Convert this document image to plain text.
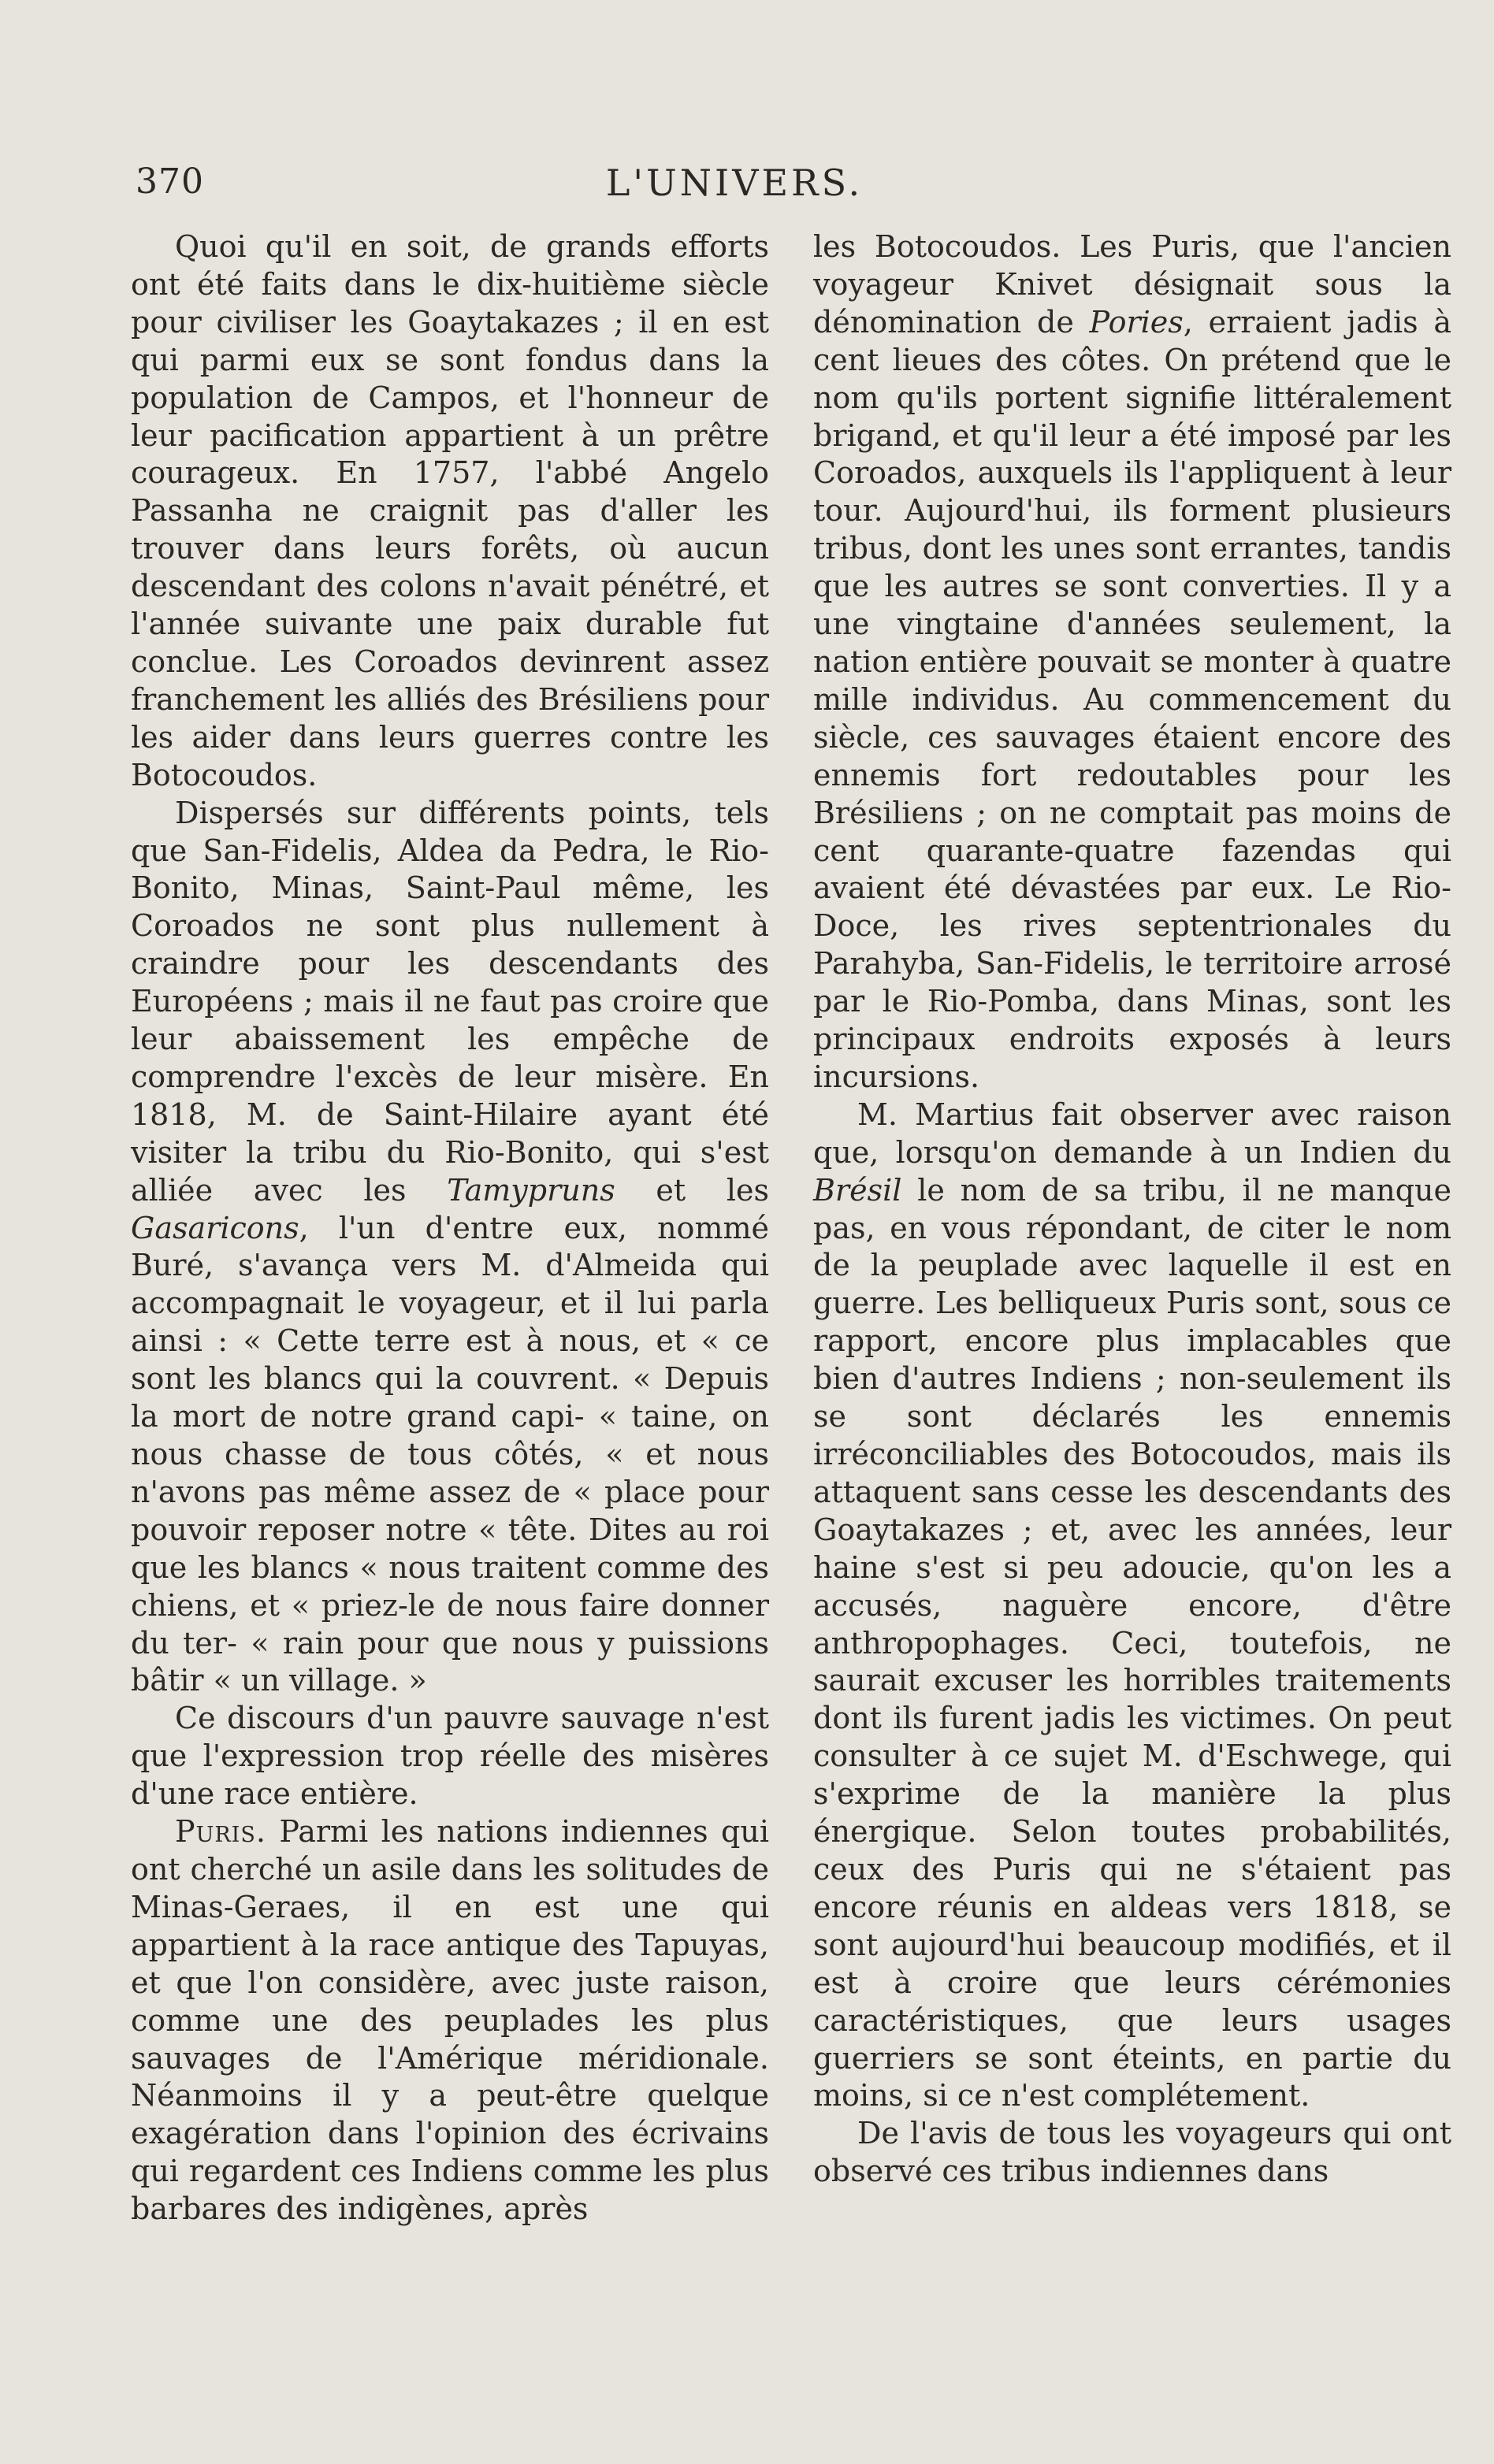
370	L'UNIVERS.

Quoi qu'il en soit, de grands efforts ont été faits dans le dix-huitième siècle pour civiliser les Goaytakazes ; il en est qui parmi eux se sont fondus dans la population de Campos, et l'honneur de leur pacification appartient à un prêtre courageux. En 1757, l'abbé Angelo Passanha ne craignit pas d'aller les trouver dans leurs forêts, où aucun descendant des colons n'avait pénétré, et l'année suivante une paix durable fut conclue. Les Coroados devinrent assez franchement les alliés des Brésiliens pour les aider dans leurs guerres contre les Botocoudos.

Dispersés sur différents points, tels que San-Fidelis, Aldea da Pedra, le Rio-Bonito, Minas, Saint-Paul même, les Coroados ne sont plus nullement à craindre pour les descendants des Européens ; mais il ne faut pas croire que leur abaissement les empêche de comprendre l'excès de leur misère. En 1818, M. de Saint-Hilaire ayant été visiter la tribu du Rio-Bonito, qui s'est alliée avec les Tamypruns et les Gasaricons, l'un d'entre eux, nommé Buré, s'avança vers M. d'Almeida qui accompagnait le voyageur, et il lui parla ainsi : « Cette terre est à nous, et « ce sont les blancs qui la couvrent. « Depuis la mort de notre grand capi- « taine, on nous chasse de tous côtés, « et nous n'avons pas même assez de « place pour pouvoir reposer notre « tête. Dites au roi que les blancs « nous traitent comme des chiens, et « priez-le de nous faire donner du ter- « rain pour que nous y puissions bâtir « un village. »

Ce discours d'un pauvre sauvage n'est que l'expression trop réelle des misères d'une race entière.

Puris. Parmi les nations indiennes qui ont cherché un asile dans les solitudes de Minas-Geraes, il en est une qui appartient à la race antique des Tapuyas, et que l'on considère, avec juste raison, comme une des peuplades les plus sauvages de l'Amérique méridionale. Néanmoins il y a peut-être quelque exagération dans l'opinion des écrivains qui regardent ces Indiens comme les plus barbares des indigènes, après

les Botocoudos. Les Puris, que l'ancien voyageur Knivet désignait sous la dénomination de Pories, erraient jadis à cent lieues des côtes. On prétend que le nom qu'ils portent signifie littéralement brigand, et qu'il leur a été imposé par les Coroados, auxquels ils l'appliquent à leur tour. Aujourd'hui, ils forment plusieurs tribus, dont les unes sont errantes, tandis que les autres se sont converties. Il y a une vingtaine d'années seulement, la nation entière pouvait se monter à quatre mille individus. Au commencement du siècle, ces sauvages étaient encore des ennemis fort redoutables pour les Brésiliens ; on ne comptait pas moins de cent quarante-quatre fazendas qui avaient été dévastées par eux. Le Rio-Doce, les rives septentrionales du Parahyba, San-Fidelis, le territoire arrosé par le Rio-Pomba, dans Minas, sont les principaux endroits exposés à leurs incursions.

M. Martius fait observer avec raison que, lorsqu'on demande à un Indien du Brésil le nom de sa tribu, il ne manque pas, en vous répondant, de citer le nom de la peuplade avec laquelle il est en guerre. Les belliqueux Puris sont, sous ce rapport, encore plus implacables que bien d'autres Indiens ; non-seulement ils se sont déclarés les ennemis irréconciliables des Botocoudos, mais ils attaquent sans cesse les descendants des Goaytakazes ; et, avec les années, leur haine s'est si peu adoucie, qu'on les a accusés, naguère encore, d'être anthropophages. Ceci, toutefois, ne saurait excuser les horribles traitements dont ils furent jadis les victimes. On peut consulter à ce sujet M. d'Eschwege, qui s'exprime de la manière la plus énergique. Selon toutes probabilités, ceux des Puris qui ne s'étaient pas encore réunis en aldeas vers 1818, se sont aujourd'hui beaucoup modifiés, et il est à croire que leurs cérémonies caractéristiques, que leurs usages guerriers se sont éteints, en partie du moins, si ce n'est complétement.

De l'avis de tous les voyageurs qui ont observé ces tribus indiennes dans
